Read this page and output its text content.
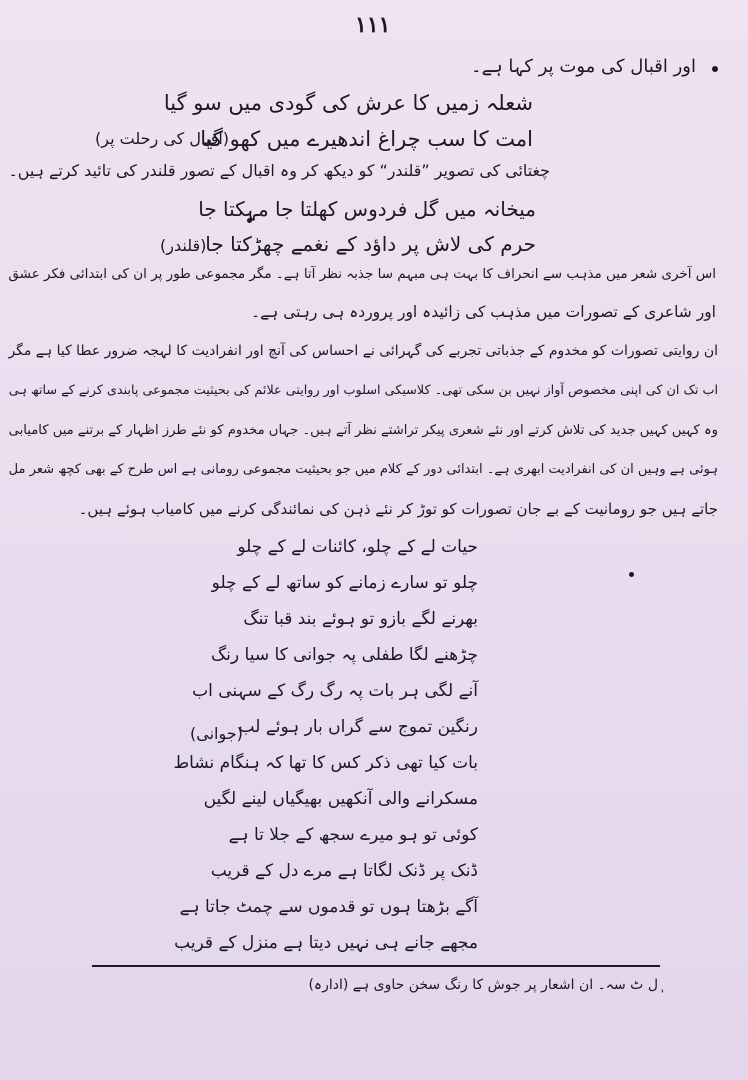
۱۱۱
اور اقبال کی موت پر کہا ہے۔
شعلہ زمیں کا عرش کی گودی میں سو گیا
امت کا سب چراغ اندھیرے میں کھو گیا
(اقبال کی رحلت پر)
چغتائی کی تصویر ”قلندر“ کو دیکھ کر وہ اقبال کے تصور قلندر کی تائید کرتے ہیں۔
میخانہ میں گل فردوس کھلتا جا مہکتا جا
حرم کی لاش پر داؤد کے نغمے چھڑکتا جا
(قلندر)
اس آخری شعر میں مذہب سے انحراف کا بہت ہی مبہم سا جذبہ نظر آتا ہے۔ مگر مجموعی طور پر ان کی ابتدائی فکر عشق
اور شاعری کے تصورات میں مذہب کی زائیدہ اور پروردہ ہی رہتی ہے۔
ان روایتی تصورات کو مخدوم کے جذباتی تجربے کی گہرائی نے احساس کی آنچ اور انفرادیت کا لہجہ ضرور عطا کیا ہے مگر
اب تک ان کی اپنی مخصوص آواز نہیں بن سکی تھی۔ کلاسیکی اسلوب اور روایتی علائم کی بحیثیت مجموعی پابندی کرنے کے ساتھ ہی
وہ کہیں کہیں جدید کی تلاش کرتے اور نئے شعری پیکر تراشتے نظر آتے ہیں۔ جہاں مخدوم کو نئے طرز اظہار کے برتنے میں کامیابی
ہوئی ہے وہیں ان کی انفرادیت ابھری ہے۔ ابتدائی دور کے کلام میں جو بحیثیت مجموعی رومانی ہے اس طرح کے بھی کچھ شعر مل
جاتے ہیں جو رومانیت کے بے جان تصورات کو توڑ کر نئے ذہن کی نمائندگی کرنے میں کامیاب ہوئے ہیں۔
حیات لے کے چلو، کائنات لے کے چلو
چلو تو سارے زمانے کو ساتھ لے کے چلو
بھرنے لگے بازو تو ہوئے بند قبا تنگ
چڑھنے لگا طفلی پہ جوانی کا سیا رنگ
آنے لگی ہر بات پہ رگ رگ کے سہنی اب
رنگین تموج سے گراں بار ہوئے لب
(جوانی)
بات کیا تھی ذکر کس کا تھا کہ ہنگام نشاط
مسکرانے والی آنکھیں بھیگیاں لینے لگیں
کوئی تو ہو میرے سجھ کے جلا تا ہے
ڈنک پر ڈنک لگاتا ہے مرے دل کے قریب
آگے بڑھتا ہوں تو قدموں سے چمٹ جاتا ہے
مجھے جانے ہی نہیں دیتا ہے منزل کے قریب
ٖل ٹ سہ۔ ان اشعار پر جوش کا رنگ سخن حاوی ہے (ادارہ)
